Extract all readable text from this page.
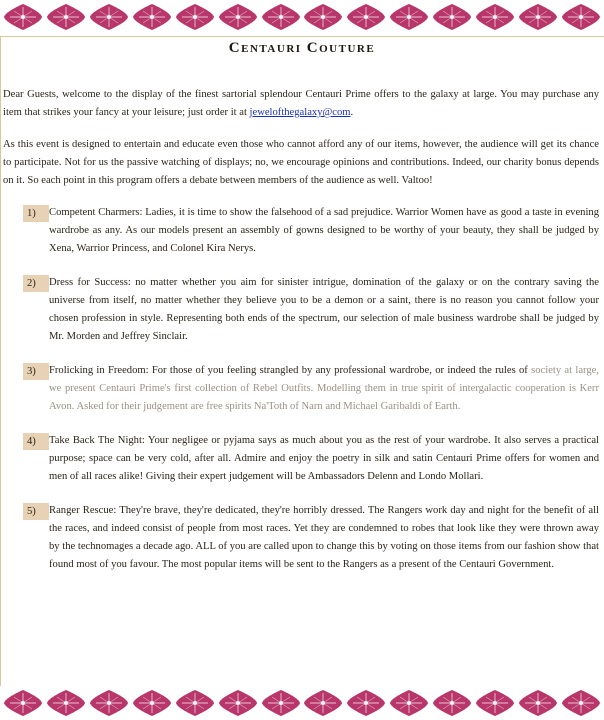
Centauri Couture

Dear Guests, welcome to the display of the finest sartorial splendour Centauri Prime offers to the galaxy at large. You may purchase any item that strikes your fancy at your leisure; just order it at jewelofthegalaxy@com.

As this event is designed to entertain and educate even those who cannot afford any of our items, however, the audience will get its chance to participate. Not for us the passive watching of displays; no, we encourage opinions and contributions. Indeed, our charity bonus depends on it. So each point in this program offers a debate between members of the audience as well. Valtoo!

1)	Competent Charmers: Ladies, it is time to show the falsehood of a sad prejudice. Warrior Women have as good a taste in evening wardrobe as any. As our models present an assembly of gowns designed to be worthy of your beauty, they shall be judged by Xena, Warrior Princess, and Colonel Kira Nerys.
2)	Dress for Success: no matter whether you aim for sinister intrigue, domination of the galaxy or on the contrary saving the universe from itself, no matter whether they believe you to be a demon or a saint, there is no reason you cannot follow your chosen profession in style. Representing both ends of the spectrum, our selection of male business wardrobe shall be judged by Mr. Morden and Jeffrey Sinclair.
3)	Frolicking in Freedom: For those of you feeling strangled by any professional wardrobe, or indeed the rules of society at large, we present Centauri Prime's first collection of Rebel Outfits. Modelling them in true spirit of intergalactic cooperation is Kerr Avon. Asked for their judgement are free spirits Na'Toth of Narn and Michael Garibaldi of Earth.
4)	Take Back The Night: Your negligee or pyjama says as much about you as the rest of your wardrobe. It also serves a practical purpose; space can be very cold, after all. Admire and enjoy the poetry in silk and satin Centauri Prime offers for women and men of all races alike! Giving their expert judgement will be Ambassadors Delenn and Londo Mollari.
5)	Ranger Rescue: They're brave, they're dedicated, they're horribly dressed. The Rangers work day and night for the benefit of all the races, and indeed consist of people from most races. Yet they are condemned to robes that look like they were thrown away by the technomages a decade ago. ALL of you are called upon to change this by voting on those items from our fashion show that found most of you favour. The most popular items will be sent to the Rangers as a present of the Centauri Government.
